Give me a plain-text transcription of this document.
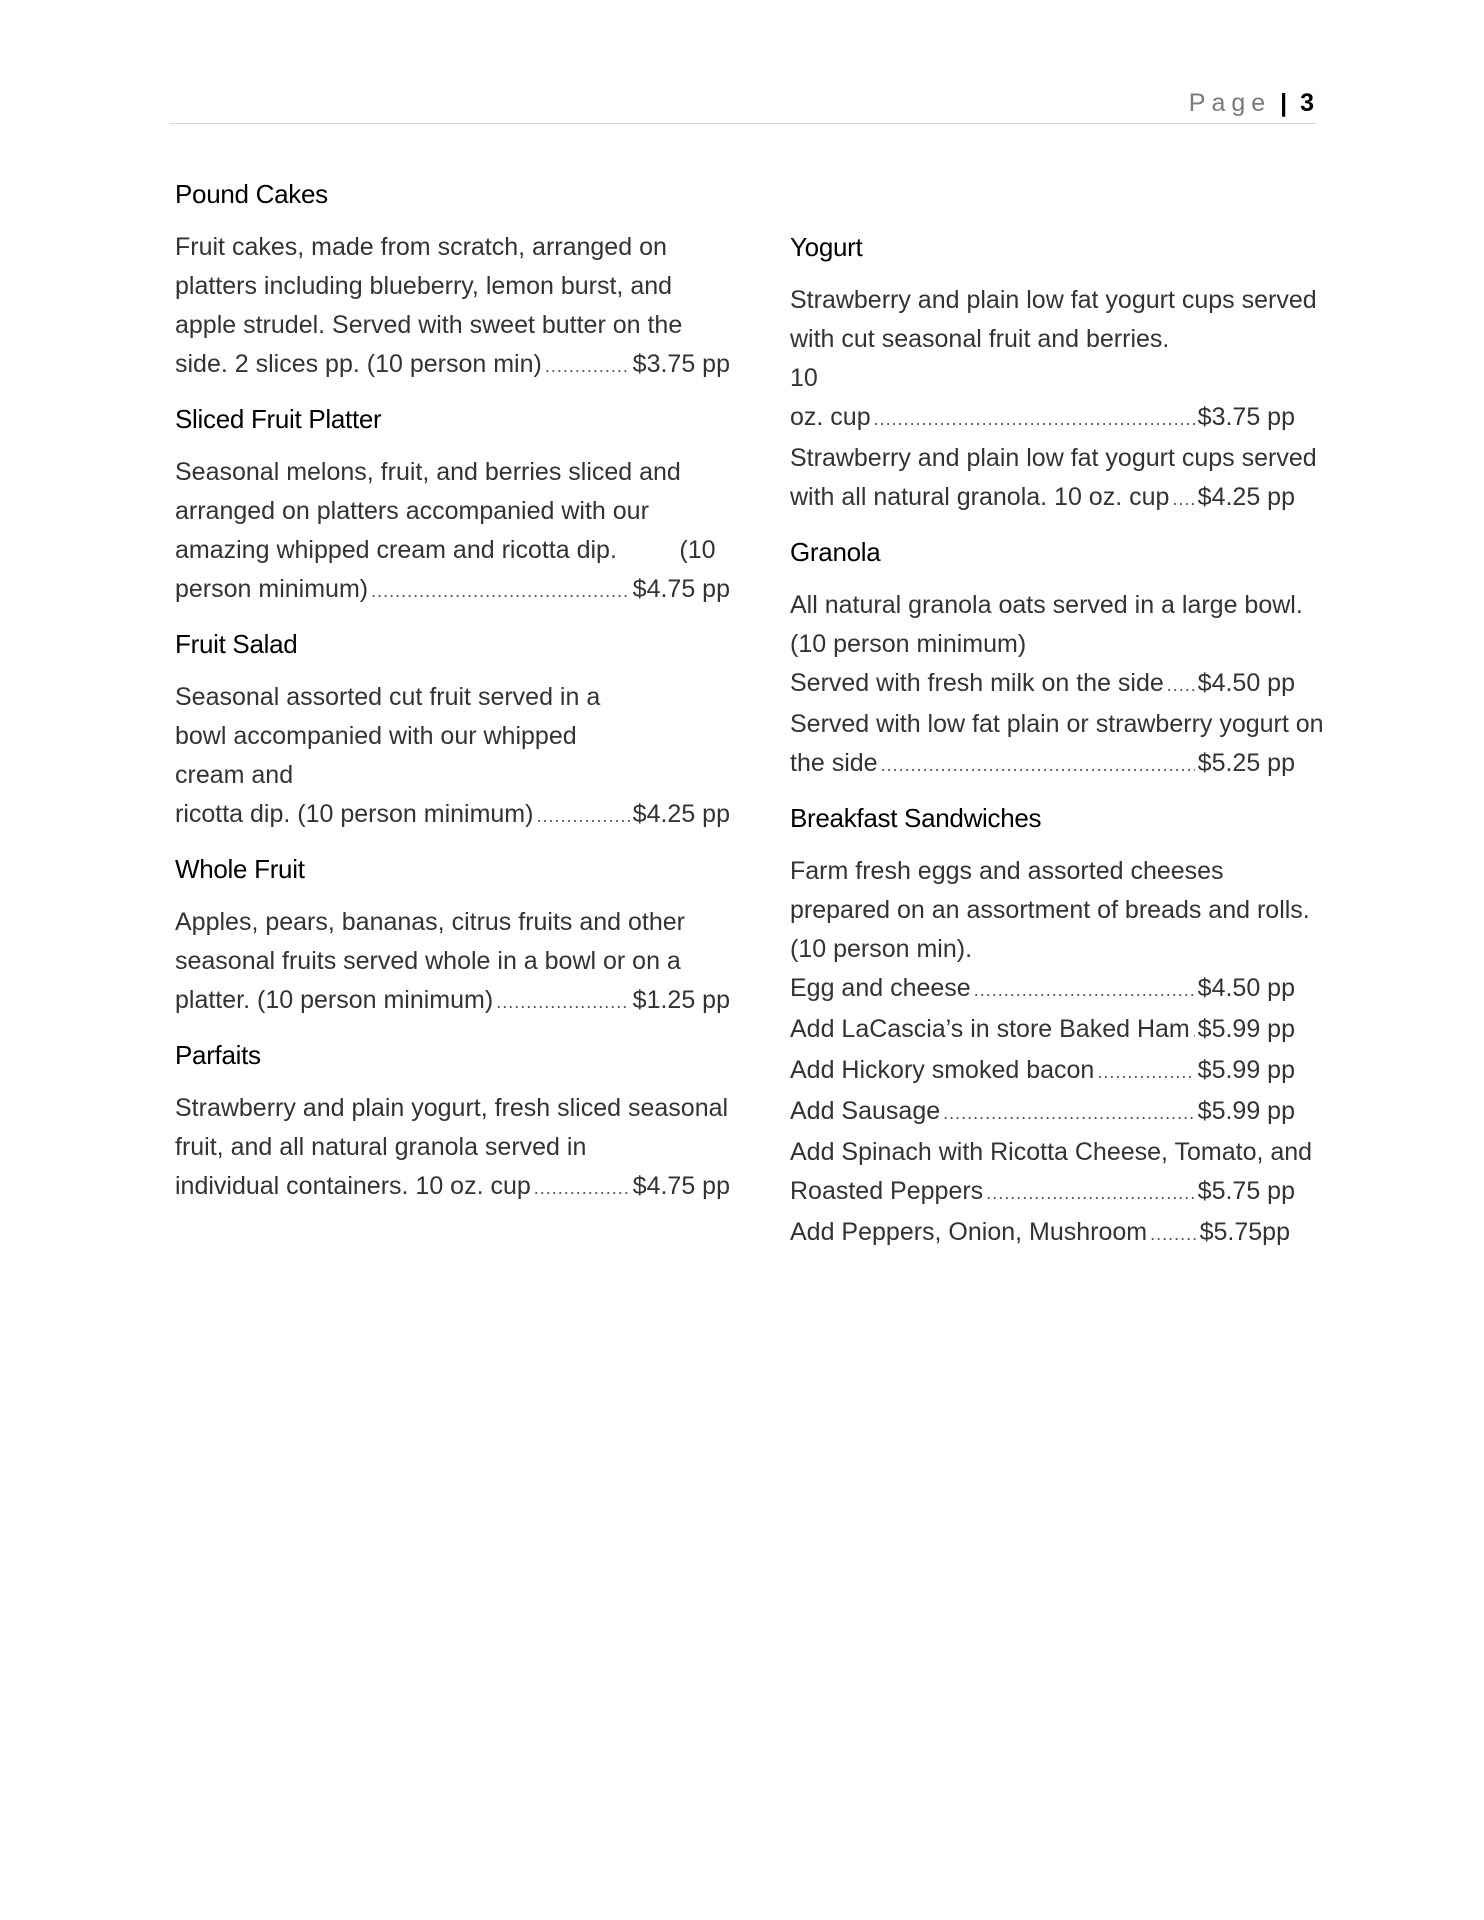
Page | 3
Pound Cakes

Fruit cakes, made from scratch, arranged on platters including blueberry, lemon burst, and apple strudel. Served with sweet butter on the

side. 2 slices pp. (10 person min) .....	$3.75 pp
Sliced Fruit Platter

Seasonal melons, fruit, and berries sliced and arranged on platters accompanied with our amazing whipped cream and ricotta dip.         (10

person minimum) .....	$4.75 pp
Fruit Salad

Seasonal assorted cut fruit served in a bowl accompanied with our whipped cream and

ricotta dip. (10 person minimum) .....	$4.25 pp
Whole Fruit

Apples, pears, bananas, citrus fruits and other seasonal fruits served whole in a bowl or on a

platter. (10 person minimum) .....	$1.25 pp
Parfaits

Strawberry and plain yogurt, fresh sliced seasonal fruit, and all natural granola served in

individual containers. 10 oz. cup .....	$4.75 pp
Yogurt

Strawberry and plain low fat yogurt cups served with cut seasonal fruit and berries.                    10

oz. cup .....	$3.75 pp

Strawberry and plain low fat yogurt cups served

with all natural granola. 10 oz. cup ..... $4.25 pp
Granola

All natural granola oats served in a large bowl.

(10 person minimum)

Served with fresh milk on the side ..... $4.50 pp

Served with low fat plain or strawberry yogurt on

the side .....	$5.25 pp
Breakfast Sandwiches

Farm fresh eggs and assorted cheeses prepared on an assortment of breads and rolls.

(10 person min).

Egg and cheese .....	$4.50 pp
Add LaCascia’s in store Baked Ham ..... $5.99 pp
Add Hickory smoked bacon .....	$5.99 pp
Add Sausage .....	$5.99 pp

Add Spinach with Ricotta Cheese, Tomato, and

Roasted Peppers .....	$5.75 pp
Add Peppers, Onion, Mushroom ..... $5.75pp
